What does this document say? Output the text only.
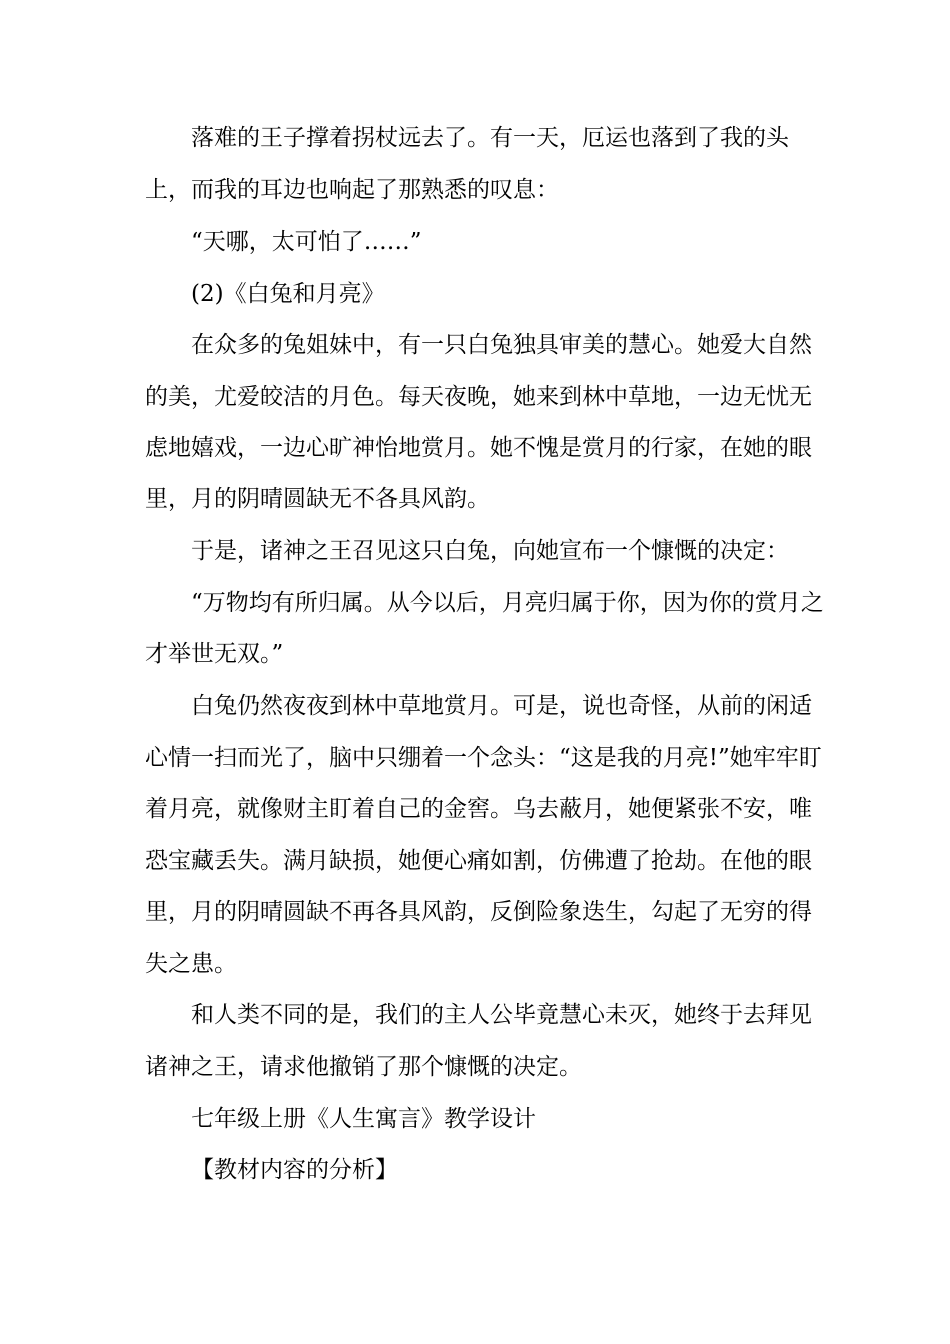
落难的王子撑着拐杖远去了。有一天，厄运也落到了我的头
上，而我的耳边也响起了那熟悉的叹息：
“天哪，太可怕了……”
(2)《白兔和月亮》
在众多的兔姐妹中，有一只白兔独具审美的慧心。她爱大自然
的美，尤爱皎洁的月色。每天夜晚，她来到林中草地，一边无忧无
虑地嬉戏，一边心旷神怡地赏月。她不愧是赏月的行家，在她的眼
里，月的阴晴圆缺无不各具风韵。
于是，诸神之王召见这只白兔，向她宣布一个慷慨的决定：
“万物均有所归属。从今以后，月亮归属于你，因为你的赏月之
才举世无双。”
白兔仍然夜夜到林中草地赏月。可是，说也奇怪，从前的闲适
心情一扫而光了，脑中只绷着一个念头：“这是我的月亮!”她牢牢盯
着月亮，就像财主盯着自己的金窖。乌去蔽月，她便紧张不安，唯
恐宝藏丢失。满月缺损，她便心痛如割，仿佛遭了抢劫。在他的眼
里，月的阴晴圆缺不再各具风韵，反倒险象迭生，勾起了无穷的得
失之患。
和人类不同的是，我们的主人公毕竟慧心未灭，她终于去拜见
诸神之王，请求他撤销了那个慷慨的决定。
七年级上册《人生寓言》教学设计
【教材内容的分析】
